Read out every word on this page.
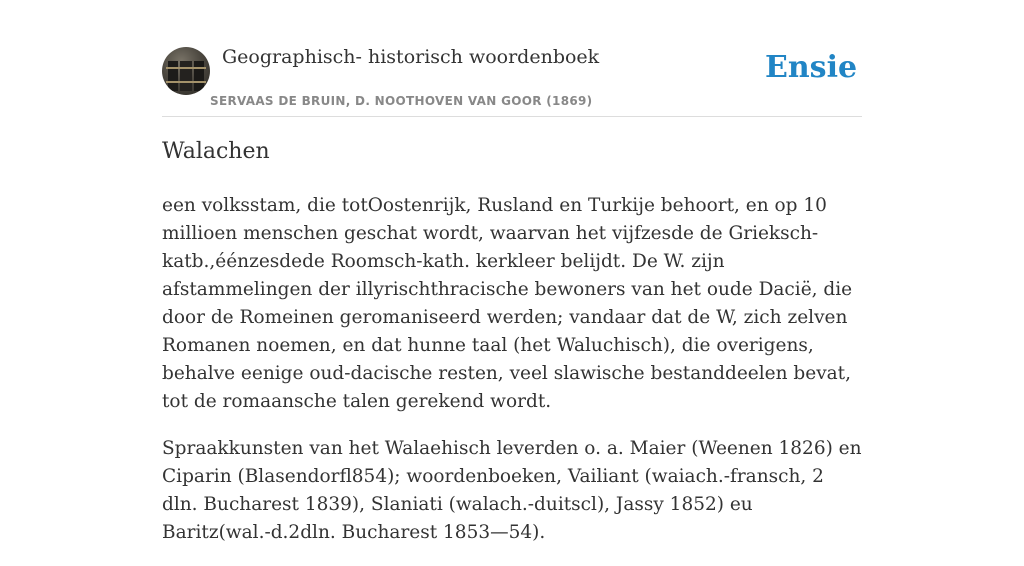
Geographisch- historisch woordenboek
SERVAAS DE BRUIN, D. NOOTHOVEN VAN GOOR (1869)
Ensie
Walachen

een volksstam, die totOostenrijk, Rusland en Turkije behoort, en op 10 millioen menschen geschat wordt, waarvan het vijfzesde de Grieksch-katb.,éénzesdede Roomsch-kath. kerkleer belijdt. De W. zijn afstammelingen der illyrischthracische bewoners van het oude Dacië, die door de Romeinen geromaniseerd werden; vandaar dat de W, zich zelven Romanen noemen, en dat hunne taal (het Waluchisch), die overigens, behalve eenige oud-dacische resten, veel slawische bestanddeelen bevat, tot de romaansche talen gerekend wordt.

Spraakkunsten van het Walaehisch leverden o. a. Maier (Weenen 1826) en Ciparin (Blasendorfl854); woordenboeken, Vailiant (waiach.-fransch, 2 dln. Bucharest 1839), Slaniati (walach.-duitscl), Jassy 1852) eu Baritz(wal.-d.2dln. Bucharest 1853—54).
